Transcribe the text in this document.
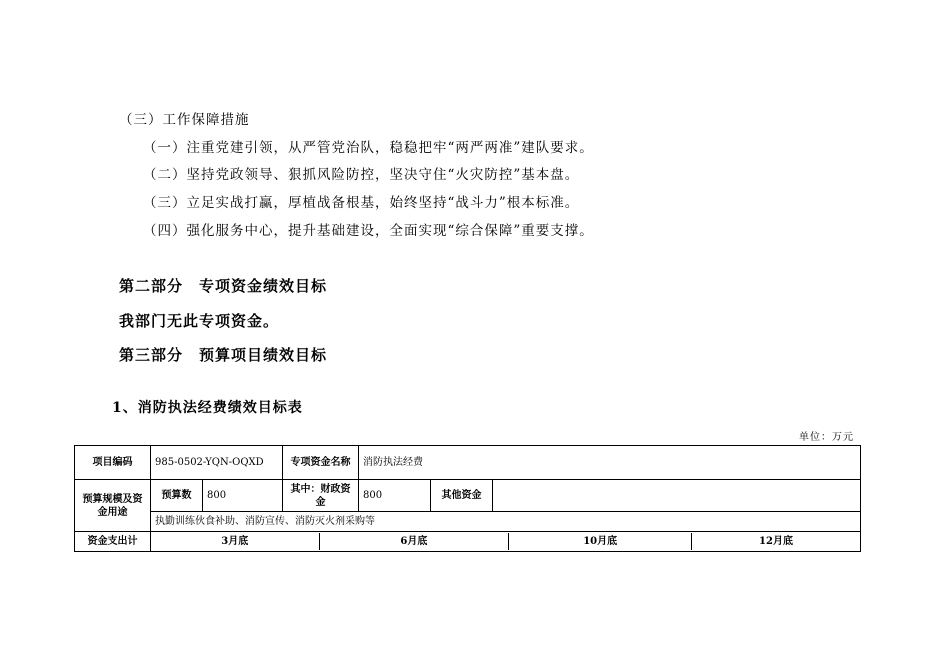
（三）工作保障措施
（一）注重党建引领，从严管党治队，稳稳把牢“两严两准”建队要求。
（二）坚持党政领导、狠抓风险防控，坚决守住“火灾防控”基本盘。
（三）立足实战打赢，厚植战备根基，始终坚持“战斗力”根本标准。
（四）强化服务中心，提升基础建设，全面实现“综合保障”重要支撑。
第二部分　专项资金绩效目标
我部门无此专项资金。
第三部分　预算项目绩效目标
1、消防执法经费绩效目标表
单位：万元
项目编码	985-0502-YQN-OQXD	专项资金名称	消防执法经费
预算规模及资金用途	预算数	800	其中：财政资金	800	其他资金	
执勤训练伙食补助、消防宣传、消防灭火剂采购等
资金支出计		3月底	6月底	10月底	12月底
